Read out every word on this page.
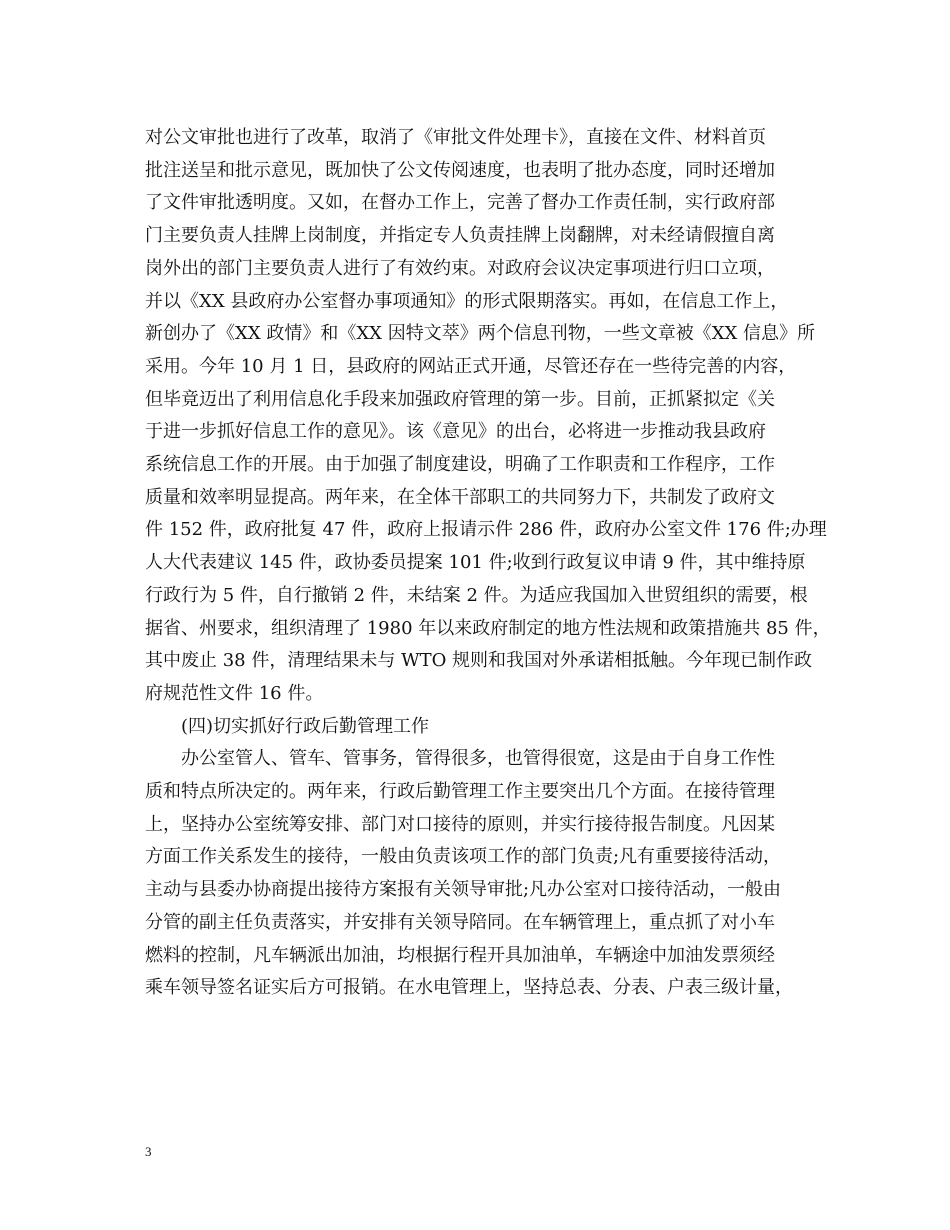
对公文审批也进行了改革，取消了《审批文件处理卡》，直接在文件、材料首页
批注送呈和批示意见，既加快了公文传阅速度，也表明了批办态度，同时还增加
了文件审批透明度。又如，在督办工作上，完善了督办工作责任制，实行政府部
门主要负责人挂牌上岗制度，并指定专人负责挂牌上岗翻牌，对未经请假擅自离
岗外出的部门主要负责人进行了有效约束。对政府会议决定事项进行归口立项，
并以《XX 县政府办公室督办事项通知》的形式限期落实。再如，在信息工作上，
新创办了《XX 政情》和《XX 因特文萃》两个信息刊物，一些文章被《XX 信息》所
采用。今年 10 月 1 日，县政府的网站正式开通，尽管还存在一些待完善的内容，
但毕竟迈出了利用信息化手段来加强政府管理的第一步。目前，正抓紧拟定《关
于进一步抓好信息工作的意见》。该《意见》的出台，必将进一步推动我县政府
系统信息工作的开展。由于加强了制度建设，明确了工作职责和工作程序，工作
质量和效率明显提高。两年来，在全体干部职工的共同努力下，共制发了政府文
件 152 件，政府批复 47 件，政府上报请示件 286 件，政府办公室文件 176 件;办理
人大代表建议 145 件，政协委员提案 101 件;收到行政复议申请 9 件，其中维持原
行政行为 5 件，自行撤销 2 件，未结案 2 件。为适应我国加入世贸组织的需要，根
据省、州要求，组织清理了 1980 年以来政府制定的地方性法规和政策措施共 85 件，
其中废止 38 件，清理结果未与 WTO 规则和我国对外承诺相抵触。今年现已制作政
府规范性文件 16 件。
(四)切实抓好行政后勤管理工作
办公室管人、管车、管事务，管得很多，也管得很宽，这是由于自身工作性
质和特点所决定的。两年来，行政后勤管理工作主要突出几个方面。在接待管理
上，坚持办公室统筹安排、部门对口接待的原则，并实行接待报告制度。凡因某
方面工作关系发生的接待，一般由负责该项工作的部门负责;凡有重要接待活动，
主动与县委办协商提出接待方案报有关领导审批;凡办公室对口接待活动，一般由
分管的副主任负责落实，并安排有关领导陪同。在车辆管理上，重点抓了对小车
燃料的控制，凡车辆派出加油，均根据行程开具加油单，车辆途中加油发票须经
乘车领导签名证实后方可报销。在水电管理上，坚持总表、分表、户表三级计量，
3
